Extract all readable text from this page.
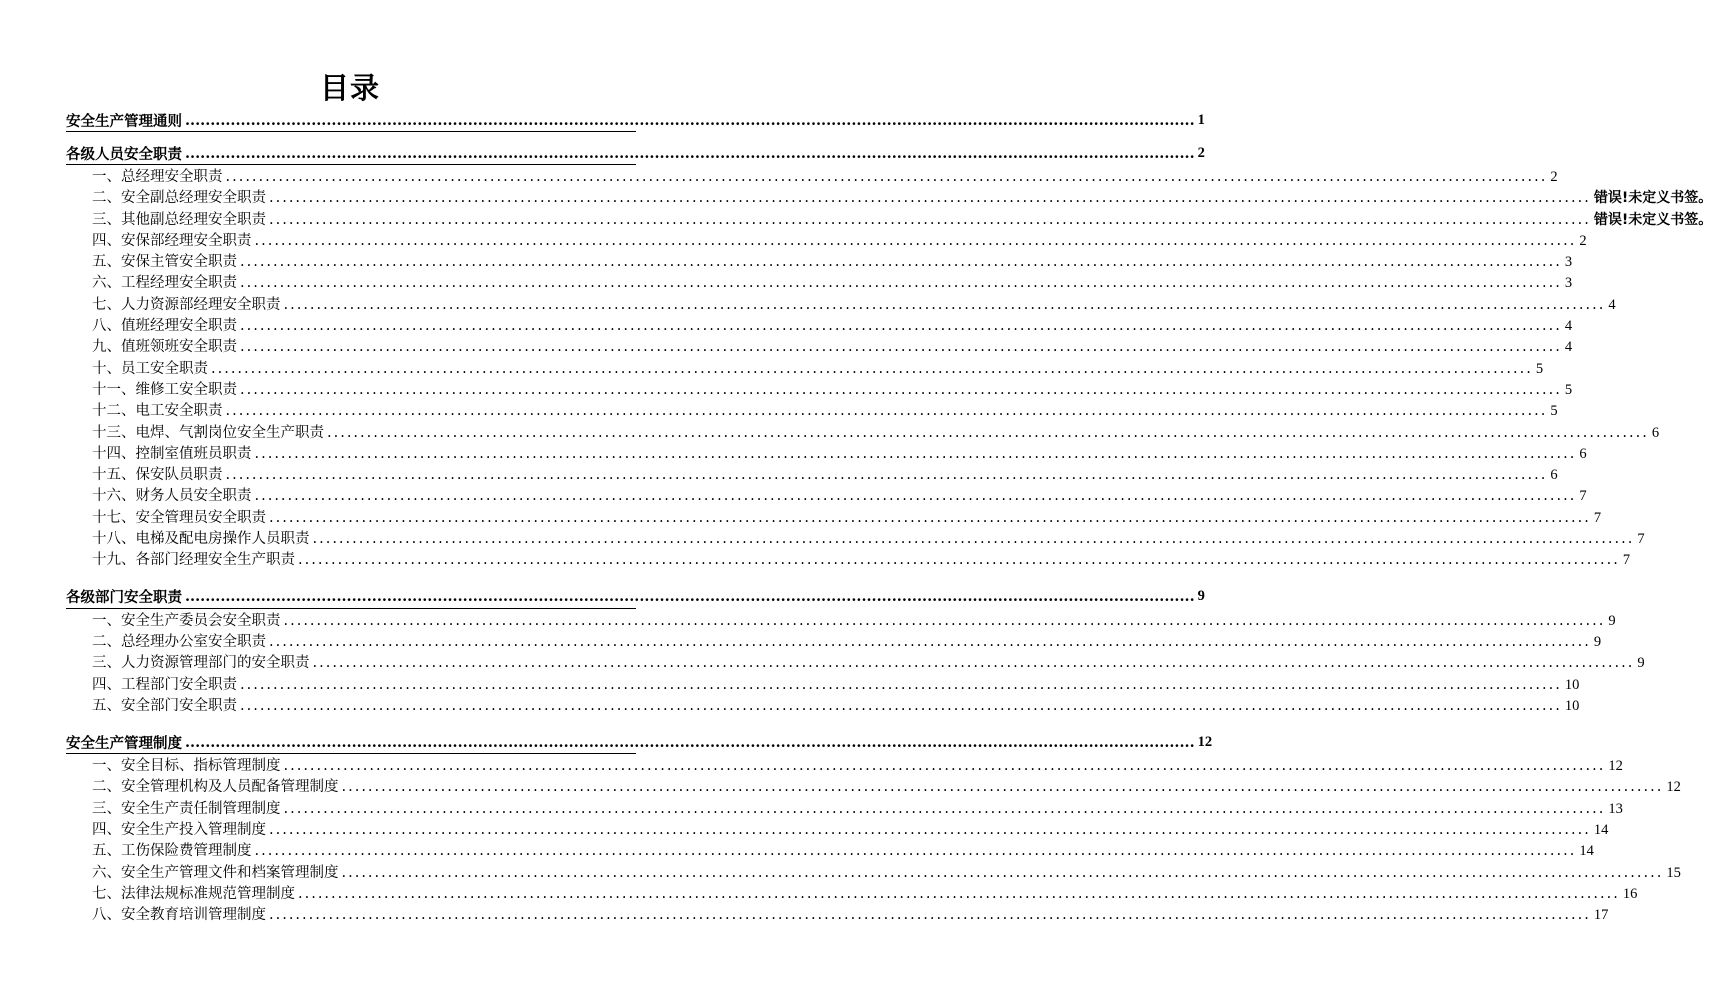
目录
安全生产管理通则 ........................................................................................................................................................................................................ 1
各级人员安全职责 ........................................................................................................................................................................................................ 2
一、 总经理安全职责 ........................................................................................................................................................................................................ 2
二、 安全副总经理安全职责 ........................................................................................................................................................................................................ 错误!未定义书签。
三、 其他副总经理安全职责 ........................................................................................................................................................................................................ 错误!未定义书签。
四、 安保部经理安全职责 ........................................................................................................................................................................................................ 2
五、 安保主管安全职责 ........................................................................................................................................................................................................ 3
六、 工程经理安全职责 ........................................................................................................................................................................................................ 3
七、 人力资源部经理安全职责 ........................................................................................................................................................................................................ 4
八、 值班经理安全职责 ........................................................................................................................................................................................................ 4
九、 值班领班安全职责 ........................................................................................................................................................................................................ 4
十、 员工安全职责 ........................................................................................................................................................................................................ 5
十一、 维修工安全职责 ........................................................................................................................................................................................................ 5
十二、 电工安全职责 ........................................................................................................................................................................................................ 5
十三、 电焊、气割岗位安全生产职责 ........................................................................................................................................................................................................ 6
十四、 控制室值班员职责 ........................................................................................................................................................................................................ 6
十五、 保安队员职责 ........................................................................................................................................................................................................ 6
十六、 财务人员安全职责 ........................................................................................................................................................................................................ 7
十七、 安全管理员安全职责 ........................................................................................................................................................................................................ 7
十八、 电梯及配电房操作人员职责 ........................................................................................................................................................................................................ 7
十九、 各部门经理安全生产职责 ........................................................................................................................................................................................................ 7
各级部门安全职责 ........................................................................................................................................................................................................ 9
一、 安全生产委员会安全职责 ........................................................................................................................................................................................................ 9
二、 总经理办公室安全职责 ........................................................................................................................................................................................................ 9
三、 人力资源管理部门的安全职责 ........................................................................................................................................................................................................ 9
四、 工程部门安全职责 ........................................................................................................................................................................................................ 10
五、 安全部门安全职责 ........................................................................................................................................................................................................ 10
安全生产管理制度 ........................................................................................................................................................................................................ 12
一、 安全目标、指标管理制度 ........................................................................................................................................................................................................ 12
二、 安全管理机构及人员配备管理制度 ........................................................................................................................................................................................................ 12
三、 安全生产责任制管理制度 ........................................................................................................................................................................................................ 13
四、 安全生产投入管理制度 ........................................................................................................................................................................................................ 14
五、 工伤保险费管理制度 ........................................................................................................................................................................................................ 14
六、 安全生产管理文件和档案管理制度 ........................................................................................................................................................................................................ 15
七、 法律法规标准规范管理制度 ........................................................................................................................................................................................................ 16
八、 安全教育培训管理制度 ........................................................................................................................................................................................................ 17
